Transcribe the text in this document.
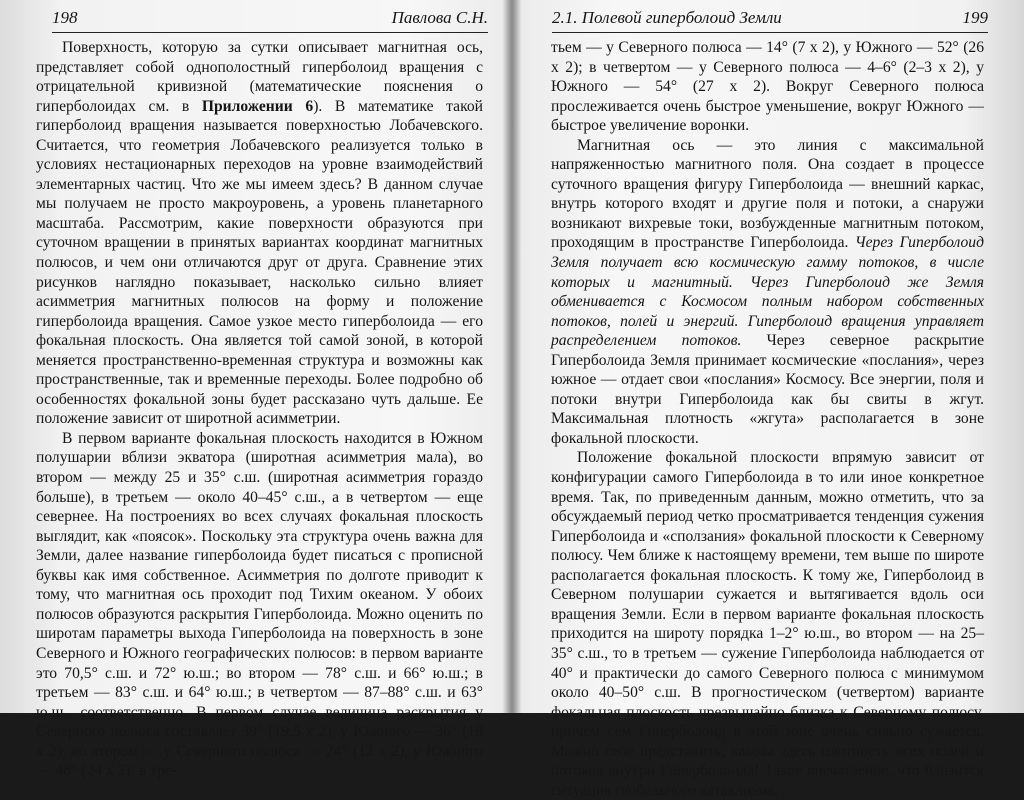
198	Павлова С.Н.

Поверхность, которую за сутки описывает магнитная ось, представляет собой однополостный гиперболоид вращения с отрицательной кривизной (математические пояснения о гиперболоидах см. в Приложении 6). В математике такой гиперболоид вращения называется поверхностью Лобачевского. Считается, что геометрия Лобачевского реализуется только в условиях нестационарных переходов на уровне взаимодействий элементарных частиц. Что же мы имеем здесь? В данном случае мы получаем не просто макроуровень, а уровень планетарного масштаба. Рассмотрим, какие поверхности образуются при суточном вращении в принятых вариантах координат магнитных полюсов, и чем они отличаются друг от друга. Сравнение этих рисунков наглядно показывает, насколько сильно влияет асимметрия магнитных полюсов на форму и положение гиперболоида вращения. Самое узкое место гиперболоида — его фокальная плоскость. Она является той самой зоной, в которой меняется пространственно-временная структура и возможны как пространственные, так и временные переходы. Более подробно об особенностях фокальной зоны будет рассказано чуть дальше. Ее положение зависит от широтной асимметрии.

В первом варианте фокальная плоскость находится в Южном полушарии вблизи экватора (широтная асимметрия мала), во втором — между 25 и 35° с.ш. (широтная асимметрия гораздо больше), в третьем — около 40–45° с.ш., а в четвертом — еще севернее. На построениях во всех случаях фокальная плоскость выглядит, как «поясок». Поскольку эта структура очень важна для Земли, далее название гиперболоида будет писаться с прописной буквы как имя собственное. Асимметрия по долготе приводит к тому, что магнитная ось проходит под Тихим океаном. У обоих полюсов образуются раскрытия Гиперболоида. Можно оценить по широтам параметры выхода Гиперболоида на поверхность в зоне Северного и Южного географических полюсов: в первом варианте это 70,5° с.ш. и 72° ю.ш.; во втором — 78° с.ш. и 66° ю.ш.; в третьем — 83° с.ш. и 64° ю.ш.; в четвертом — 87–88° с.ш. и 63° ю.ш., соответственно. В первом случае величина раскрытия у Северного полюса составляет 39° (19,5 x 2), у Южного — 36° (18 x 2); во втором — у Северного полюса — 24° (12 x 2), у Южного — 48° (24 x 2); в тре-

2.1. Полевой гиперболоид Земли	199

тьем — у Северного полюса — 14° (7 x 2), у Южного — 52° (26 x 2); в четвертом — у Северного полюса — 4–6° (2–3 x 2), у Южного — 54° (27 x 2). Вокруг Северного полюса прослеживается очень быстрое уменьшение, вокруг Южного — быстрое увеличение воронки.

Магнитная ось — это линия с максимальной напряженностью магнитного поля. Она создает в процессе суточного вращения фигуру Гиперболоида — внешний каркас, внутрь которого входят и другие поля и потоки, а снаружи возникают вихревые токи, возбужденные магнитным потоком, проходящим в пространстве Гиперболоида. Через Гиперболоид Земля получает всю космическую гамму потоков, в числе которых и магнитный. Через Гиперболоид же Земля обменивается с Космосом полным набором собственных потоков, полей и энергий. Гиперболоид вращения управляет распределением потоков. Через северное раскрытие Гиперболоида Земля принимает космические «послания», через южное — отдает свои «послания» Космосу. Все энергии, поля и потоки внутри Гиперболоида как бы свиты в жгут. Максимальная плотность «жгута» располагается в зоне фокальной плоскости.

Положение фокальной плоскости впрямую зависит от конфигурации самого Гиперболоида в то или иное конкретное время. Так, по приведенным данным, можно отметить, что за обсуждаемый период четко просматривается тенденция сужения Гиперболоида и «сползания» фокальной плоскости к Северному полюсу. Чем ближе к настоящему времени, тем выше по широте располагается фокальная плоскость. К тому же, Гиперболоид в Северном полушарии сужается и вытягивается вдоль оси вращения Земли. Если в первом варианте фокальная плоскость приходится на широту порядка 1–2° ю.ш., во втором — на 25–35° с.ш., то в третьем — сужение Гиперболоида наблюдается от 40° и практически до самого Северного полюса с минимумом около 40–50° с.ш. В прогностическом (четвертом) варианте фокальная плоскость чрезвычайно близка к Северному полюсу, причем сам Гиперболоид в этой зоне очень сильно сужается. Можно себе представить, какова здесь плотность всех полей и потоков внутри Гиперболоида! Такое впечатление, что близится ситуация глобального катаклизма.
